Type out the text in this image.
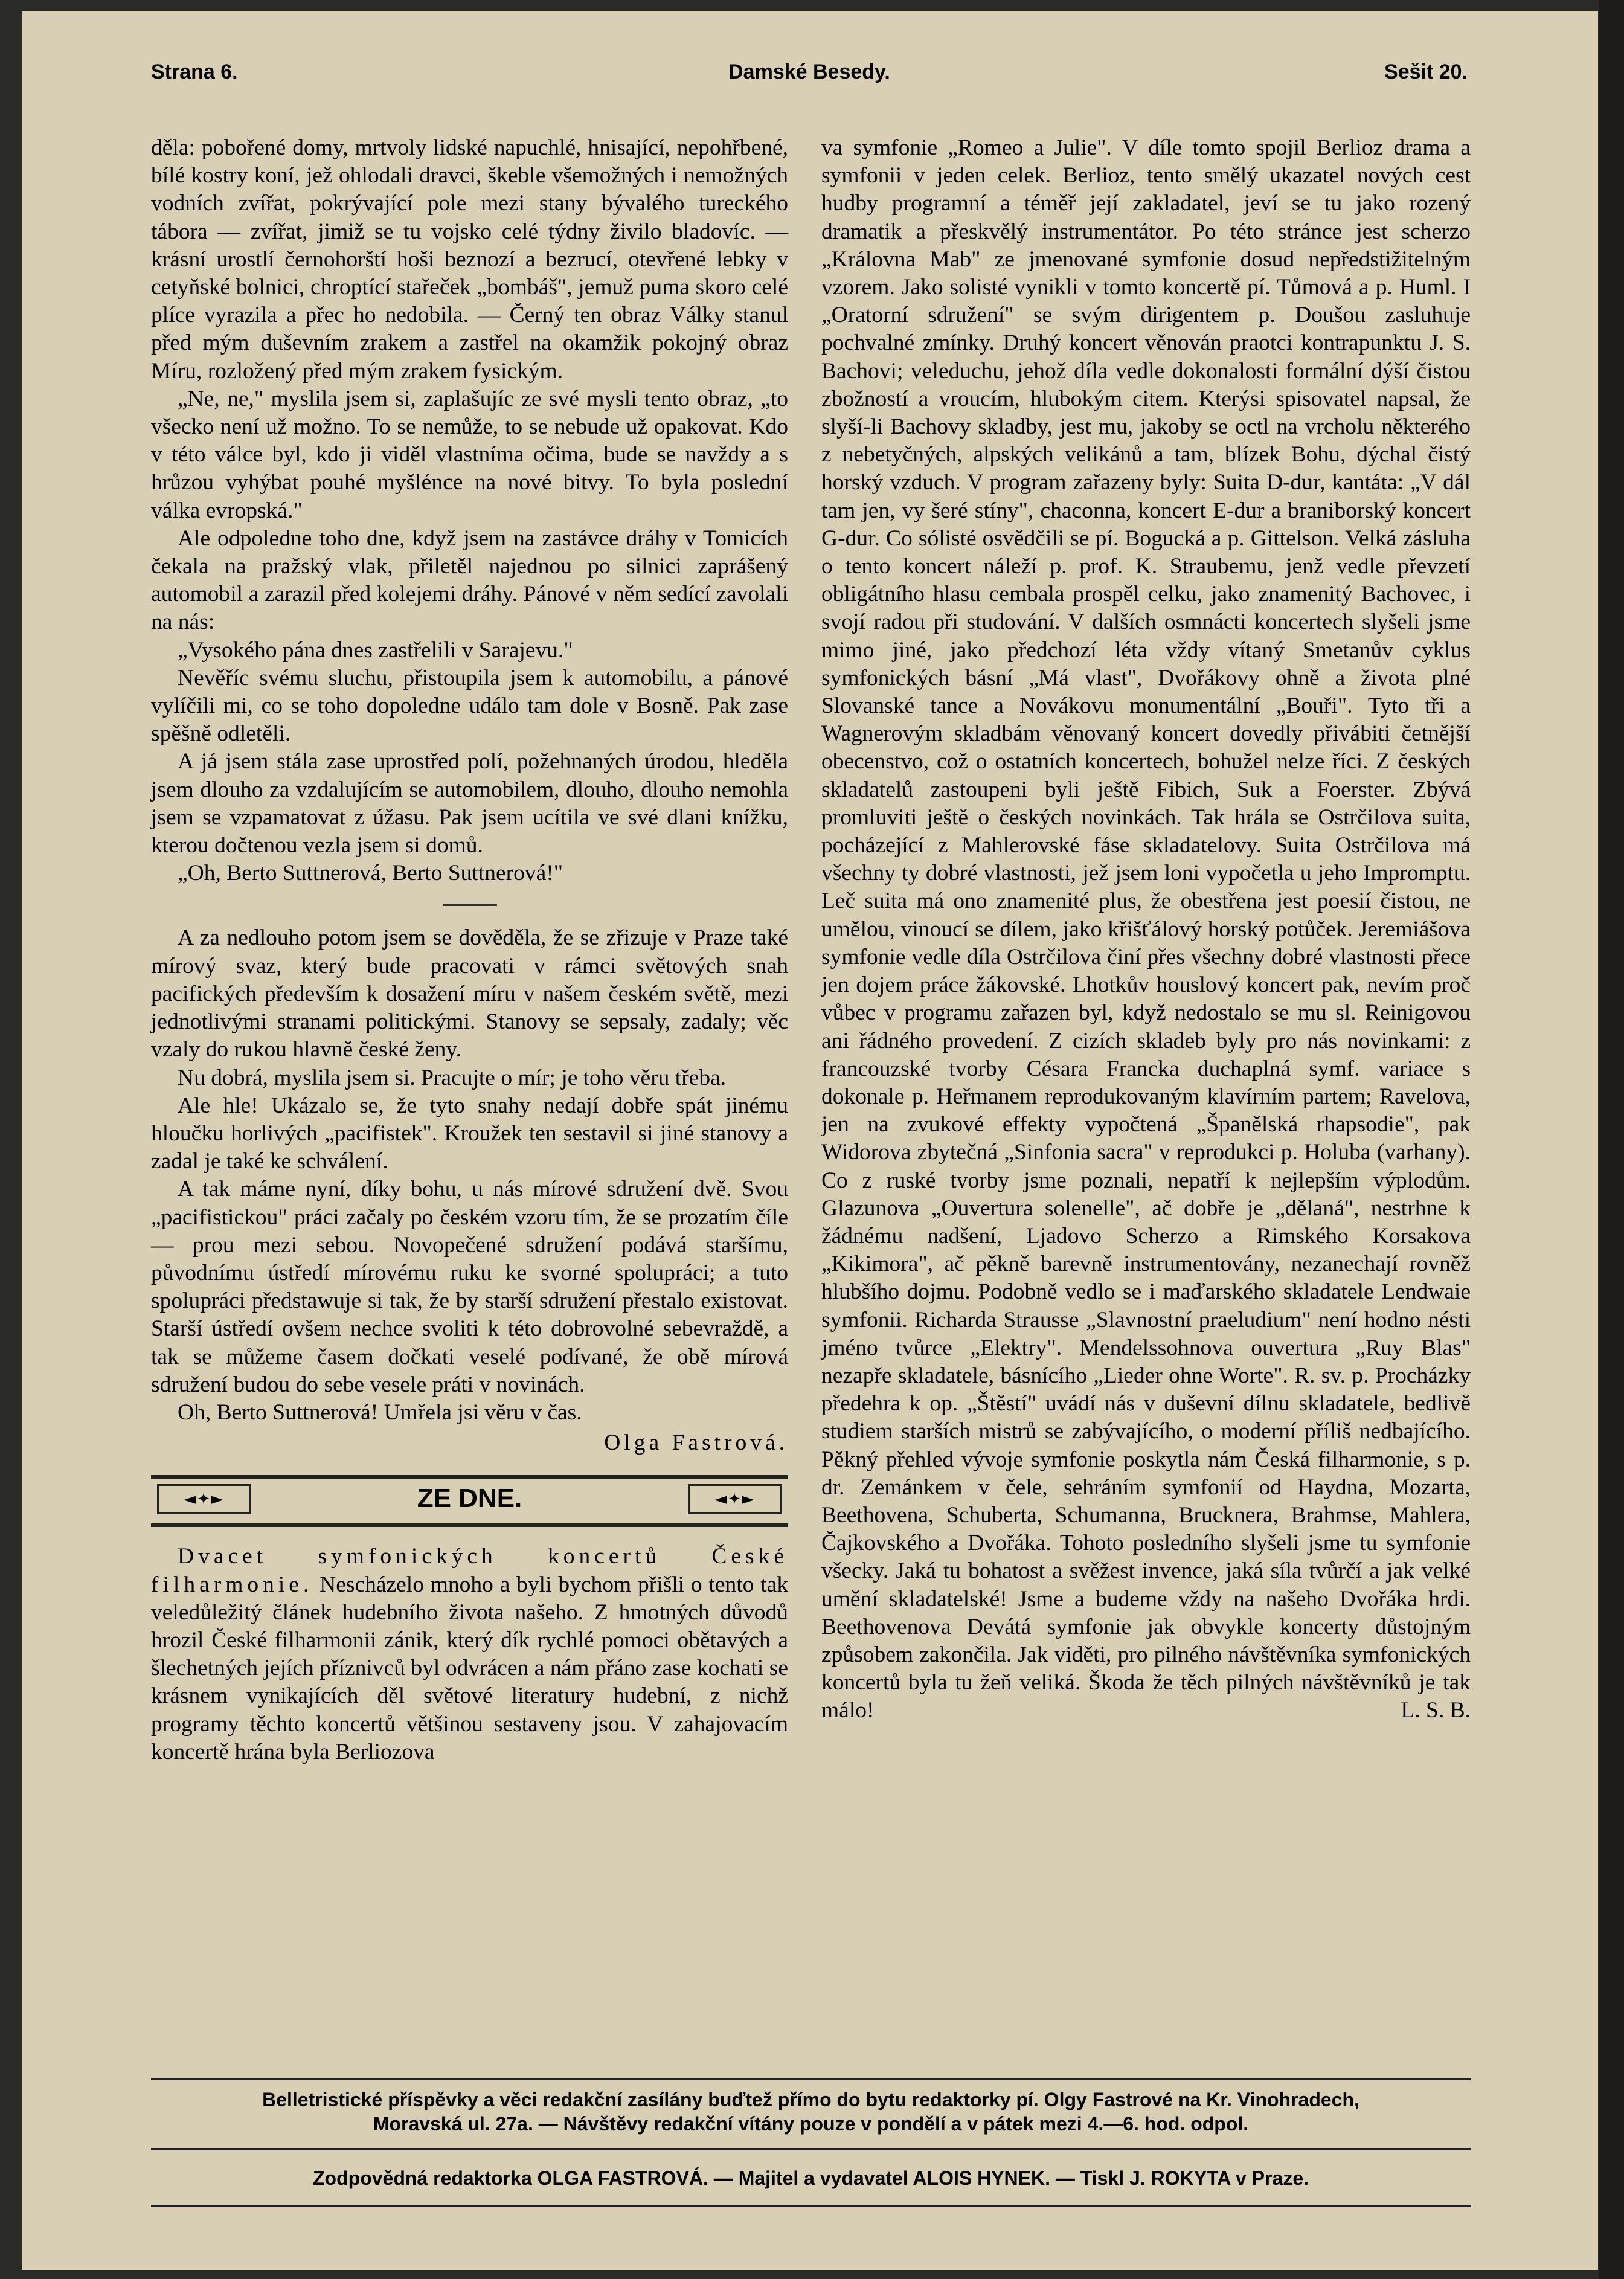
Strana 6.	Damské Besedy.	Sešit 20.

děla: pobořené domy, mrtvoly lidské napuchlé, hnisající, nepohřbené, bílé kostry koní, jež ohlodali dravci, škeble všemožných i nemožných vodních zvířat, pokrývající pole mezi stany bývalého tureckého tábora — zvířat, jimiž se tu vojsko celé týdny živilo bladovíc. — krásní urostlí černohorští hoši beznozí a bezrucí, otevřené lebky v cetyňské bolnici, chroptící stařeček „bombáš", jemuž puma skoro celé plíce vyrazila a přec ho nedobila. — Černý ten obraz Války stanul před mým duševním zrakem a zastřel na okamžik pokojný obraz Míru, rozložený před mým zrakem fysickým.

„Ne, ne," myslila jsem si, zaplašujíc ze své mysli tento obraz, „to všecko není už možno. To se nemůže, to se nebude už opakovat. Kdo v této válce byl, kdo ji viděl vlastníma očima, bude se navždy a s hrůzou vyhýbat pouhé myšlénce na nové bitvy. To byla poslední válka evropská."

Ale odpoledne toho dne, když jsem na zastávce dráhy v Tomicích čekala na pražský vlak, přiletěl najednou po silnici zaprášený automobil a zarazil před kolejemi dráhy. Pánové v něm sedící zavolali na nás:

„Vysokého pána dnes zastřelili v Sarajevu."

Nevěříc svému sluchu, přistoupila jsem k automobilu, a pánové vylíčili mi, co se toho dopoledne událo tam dole v Bosně. Pak zase spěšně odletěli.

A já jsem stála zase uprostřed polí, požehnaných úrodou, hleděla jsem dlouho za vzdalujícím se automobilem, dlouho, dlouho nemohla jsem se vzpamatovat z úžasu. Pak jsem ucítila ve své dlani knížku, kterou dočtenou vezla jsem si domů.

„Oh, Berto Suttnerová, Berto Suttnerová!"

A za nedlouho potom jsem se dověděla, že se zřizuje v Praze také mírový svaz, který bude pracovati v rámci světových snah pacifických především k dosažení míru v našem českém světě, mezi jednotlivými stranami politickými. Stanovy se sepsaly, zadaly; věc vzaly do rukou hlavně české ženy.

Nu dobrá, myslila jsem si. Pracujte o mír; je toho věru třeba.

Ale hle! Ukázalo se, že tyto snahy nedají dobře spát jinému hloučku horlivých „pacifistek". Kroužek ten sestavil si jiné stanovy a zadal je také ke schválení.

A tak máme nyní, díky bohu, u nás mírové sdružení dvě. Svou „pacifistickou" práci začaly po českém vzoru tím, že se prozatím číle — prou mezi sebou. Novopečené sdružení podává staršímu, původnímu ústředí mírovému ruku ke svorné spolupráci; a tuto spolupráci předstawuje si tak, že by starší sdružení přestalo existovat. Starší ústředí ovšem nechce svoliti k této dobrovolné sebevraždě, a tak se můžeme časem dočkati veselé podívané, že obě mírová sdružení budou do sebe vesele práti v novinách.

Oh, Berto Suttnerová! Umřela jsi věru v čas.

Olga Fastrová.
◄✦►	ZE DNE.	◄✦►

Dvacet symfonických koncertů České filharmonie. Nescházelo mnoho a byli bychom přišli o tento tak veledůležitý článek hudebního života našeho. Z hmotných důvodů hrozil České filharmonii zánik, který dík rychlé pomoci obětavých a šlechetných jejích příznivců byl odvrácen a nám přáno zase kochati se krásnem vynikajících děl světové literatury hudební, z nichž programy těchto koncertů většinou sestaveny jsou. V zahajovacím koncertě hrána byla Berliozova

va symfonie „Romeo a Julie". V díle tomto spojil Berlioz drama a symfonii v jeden celek. Berlioz, tento smělý ukazatel nových cest hudby programní a téměř její zakladatel, jeví se tu jako rozený dramatik a přeskvělý instrumentátor. Po této stránce jest scherzo „Královna Mab" ze jmenované symfonie dosud nepředstižitelným vzorem. Jako solisté vynikli v tomto koncertě pí. Tůmová a p. Huml. I „Oratorní sdružení" se svým dirigentem p. Doušou zasluhuje pochvalné zmínky. Druhý koncert věnován praotci kontrapunktu J. S. Bachovi; veleduchu, jehož díla vedle dokonalosti formální dýší čistou zbožností a vroucím, hlubokým citem. Kterýsi spisovatel napsal, že slyší-li Bachovy skladby, jest mu, jakoby se octl na vrcholu některého z nebetyčných, alpských velikánů a tam, blízek Bohu, dýchal čistý horský vzduch. V program zařazeny byly: Suita D-dur, kantáta: „V dál tam jen, vy šeré stíny", chaconna, koncert E-dur a braniborský koncert G-dur. Co sólisté osvědčili se pí. Bogucká a p. Gittelson. Velká zásluha o tento koncert náleží p. prof. K. Straubemu, jenž vedle převzetí obligátního hlasu cembala prospěl celku, jako znamenitý Bachovec, i svojí radou při studování. V dalších osmnácti koncertech slyšeli jsme mimo jiné, jako předchozí léta vždy vítaný Smetanův cyklus symfonických básní „Má vlast", Dvořákovy ohně a života plné Slovanské tance a Novákovu monumentální „Bouři". Tyto tři a Wagnerovým skladbám věnovaný koncert dovedly přivábiti četnější obecenstvo, což o ostatních koncertech, bohužel nelze říci. Z českých skladatelů zastoupeni byli ještě Fibich, Suk a Foerster. Zbývá promluviti ještě o českých novinkách. Tak hrála se Ostrčilova suita, pocházející z Mahlerovské fáse skladatelovy. Suita Ostrčilova má všechny ty dobré vlastnosti, jež jsem loni vypočetla u jeho Impromptu. Leč suita má ono znamenité plus, že obestřena jest poesií čistou, ne umělou, vinoucí se dílem, jako křišťálový horský potůček. Jeremiášova symfonie vedle díla Ostrčilova činí přes všechny dobré vlastnosti přece jen dojem práce žákovské. Lhotkův houslový koncert pak, nevím proč vůbec v programu zařazen byl, když nedostalo se mu sl. Reinigovou ani řádného provedení. Z cizích skladeb byly pro nás novinkami: z francouzské tvorby Césara Francka duchaplná symf. variace s dokonale p. Heřmanem reprodukovaným klavírním partem; Ravelova, jen na zvukové effekty vypočtená „Španělská rhapsodie", pak Widorova zbytečná „Sinfonia sacra" v reprodukci p. Holuba (varhany). Co z ruské tvorby jsme poznali, nepatří k nejlepším výplodům. Glazunova „Ouvertura solenelle", ač dobře je „dělaná", nestrhne k žádnému nadšení, Ljadovo Scherzo a Rimského Korsakova „Kikimora", ač pěkně barevně instrumentovány, nezanechají rovněž hlubšího dojmu. Podobně vedlo se i maďarského skladatele Lendwaie symfonii. Richarda Strausse „Slavnostní praeludium" není hodno nésti jméno tvůrce „Elektry". Mendelssohnova ouvertura „Ruy Blas" nezapře skladatele, básnícího „Lieder ohne Worte". R. sv. p. Procházky předehra k op. „Štěstí" uvádí nás v duševní dílnu skladatele, bedlivě studiem starších mistrů se zabývajícího, o moderní příliš nedbajícího. Pěkný přehled vývoje symfonie poskytla nám Česká filharmonie, s p. dr. Zemánkem v čele, sehráním symfonií od Haydna, Mozarta, Beethovena, Schuberta, Schumanna, Brucknera, Brahmse, Mahlera, Čajkovského a Dvořáka. Tohoto posledního slyšeli jsme tu symfonie všecky. Jaká tu bohatost a svěžest invence, jaká síla tvůrčí a jak velké umění skladatelské! Jsme a budeme vždy na našeho Dvořáka hrdi. Beethovenova Devátá symfonie jak obvykle koncerty důstojným způsobem zakončila. Jak viděti, pro pilného návštěvníka symfonických koncertů byla tu žeň veliká. Škoda že těch pilných návštěvníků je tak málo!	L. S. B.

Belletristické příspěvky a věci redakční zasílány buďtež přímo do bytu redaktorky pí. Olgy Fastrové na Kr. Vinohradech,
Moravská ul. 27a. — Návštěvy redakční vítány pouze v pondělí a v pátek mezi 4.—6. hod. odpol.
Zodpovědná redaktorka OLGA FASTROVÁ. — Majitel a vydavatel ALOIS HYNEK. — Tiskl J. ROKYTA v Praze.
